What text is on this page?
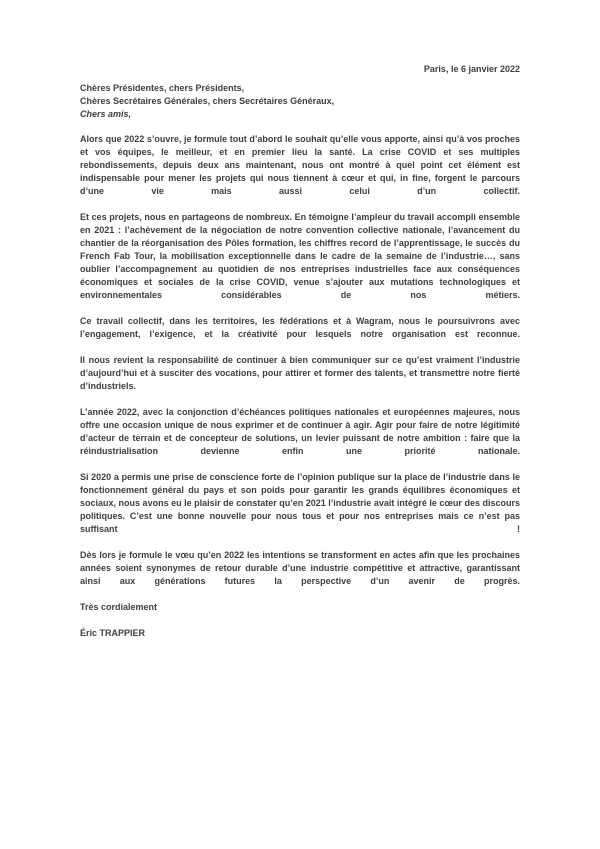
Paris, le 6 janvier 2022
Chères Présidentes, chers Présidents,
Chères Secrétaires Générales, chers Secrétaires Généraux,
Chers amis,

Alors que 2022 s’ouvre, je formule tout d’abord le souhait qu’elle vous apporte, ainsi qu’à vos proches et vos équipes, le meilleur, et en premier lieu la santé. La crise COVID et ses multiples rebondissements, depuis deux ans maintenant, nous ont montré à quel point cet élément est indispensable pour mener les projets qui nous tiennent à cœur et qui, in fine, forgent le parcours d’une vie mais aussi celui d’un collectif.

Et ces projets, nous en partageons de nombreux. En témoigne l’ampleur du travail accompli ensemble en 2021 : l’achèvement de la négociation de notre convention collective nationale, l’avancement du chantier de la réorganisation des Pôles formation, les chiffres record de l’apprentissage, le succès du French Fab Tour, la mobilisation exceptionnelle dans le cadre de la semaine de l’industrie…, sans oublier l’accompagnement au quotidien de nos entreprises industrielles face aux conséquences économiques et sociales de la crise COVID, venue s’ajouter aux mutations technologiques et environnementales considérables de nos métiers.

Ce travail collectif, dans les territoires, les fédérations et à Wagram, nous le poursuivrons avec l’engagement, l’exigence, et la créativité pour lesquels notre organisation est reconnue.

Il nous revient la responsabilité de continuer à bien communiquer sur ce qu’est vraiment l’industrie d’aujourd’hui et à susciter des vocations, pour attirer et former des talents, et transmettre notre fierté d’industriels.

L’année 2022, avec la conjonction d’échéances politiques nationales et européennes majeures, nous offre une occasion unique de nous exprimer et de continuer à agir. Agir pour faire de notre légitimité d’acteur de terrain et de concepteur de solutions, un levier puissant de notre ambition : faire que la réindustrialisation devienne enfin une priorité nationale.

Si 2020 a permis une prise de conscience forte de l’opinion publique sur la place de l’industrie dans le fonctionnement général du pays et son poids pour garantir les grands équilibres économiques et sociaux, nous avons eu le plaisir de constater qu’en 2021 l’industrie avait intégré le cœur des discours politiques. C’est une bonne nouvelle pour nous tous et pour nos entreprises mais ce n’est pas suffisant !

Dès lors je formule le vœu qu’en 2022 les intentions se transforment en actes afin que les prochaines années soient synonymes de retour durable d’une industrie compétitive et attractive, garantissant ainsi aux générations futures la perspective d’un avenir de progrès.

Très cordialement

Éric TRAPPIER
